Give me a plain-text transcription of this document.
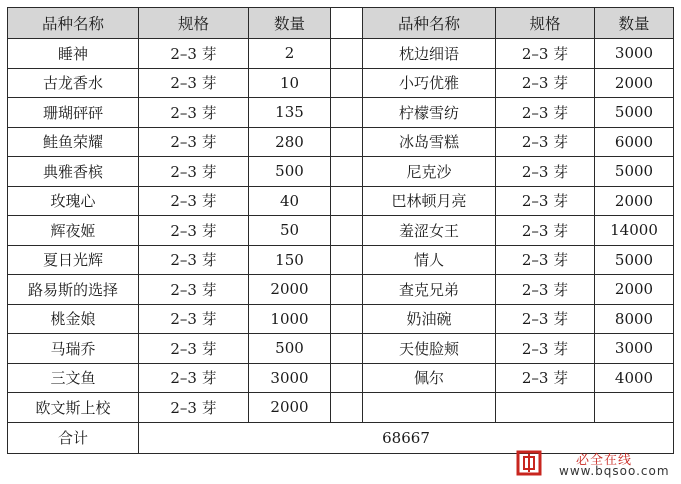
品种名称	规格	数量		品种名称	规格	数量
睡神	2–3 芽	2		枕边细语	2–3 芽	3000
古龙香水	2–3 芽	10		小巧优雅	2–3 芽	2000
珊瑚砰砰	2–3 芽	135		柠檬雪纺	2–3 芽	5000
鲑鱼荣耀	2–3 芽	280		冰岛雪糕	2–3 芽	6000
典雅香槟	2–3 芽	500		尼克沙	2–3 芽	5000
玫瑰心	2–3 芽	40		巴林顿月亮	2–3 芽	2000
辉夜姬	2–3 芽	50		羞涩女王	2–3 芽	14000
夏日光辉	2–3 芽	150		情人	2–3 芽	5000
路易斯的选择	2–3 芽	2000		查克兄弟	2–3 芽	2000
桃金娘	2–3 芽	1000		奶油碗	2–3 芽	8000
马瑞乔	2–3 芽	500		天使脸颊	2–3 芽	3000
三文鱼	2–3 芽	3000		佩尔	2–3 芽	4000
欧文斯上校	2–3 芽	2000				
合计	68667					
必全在线
www.bqsoo.com
